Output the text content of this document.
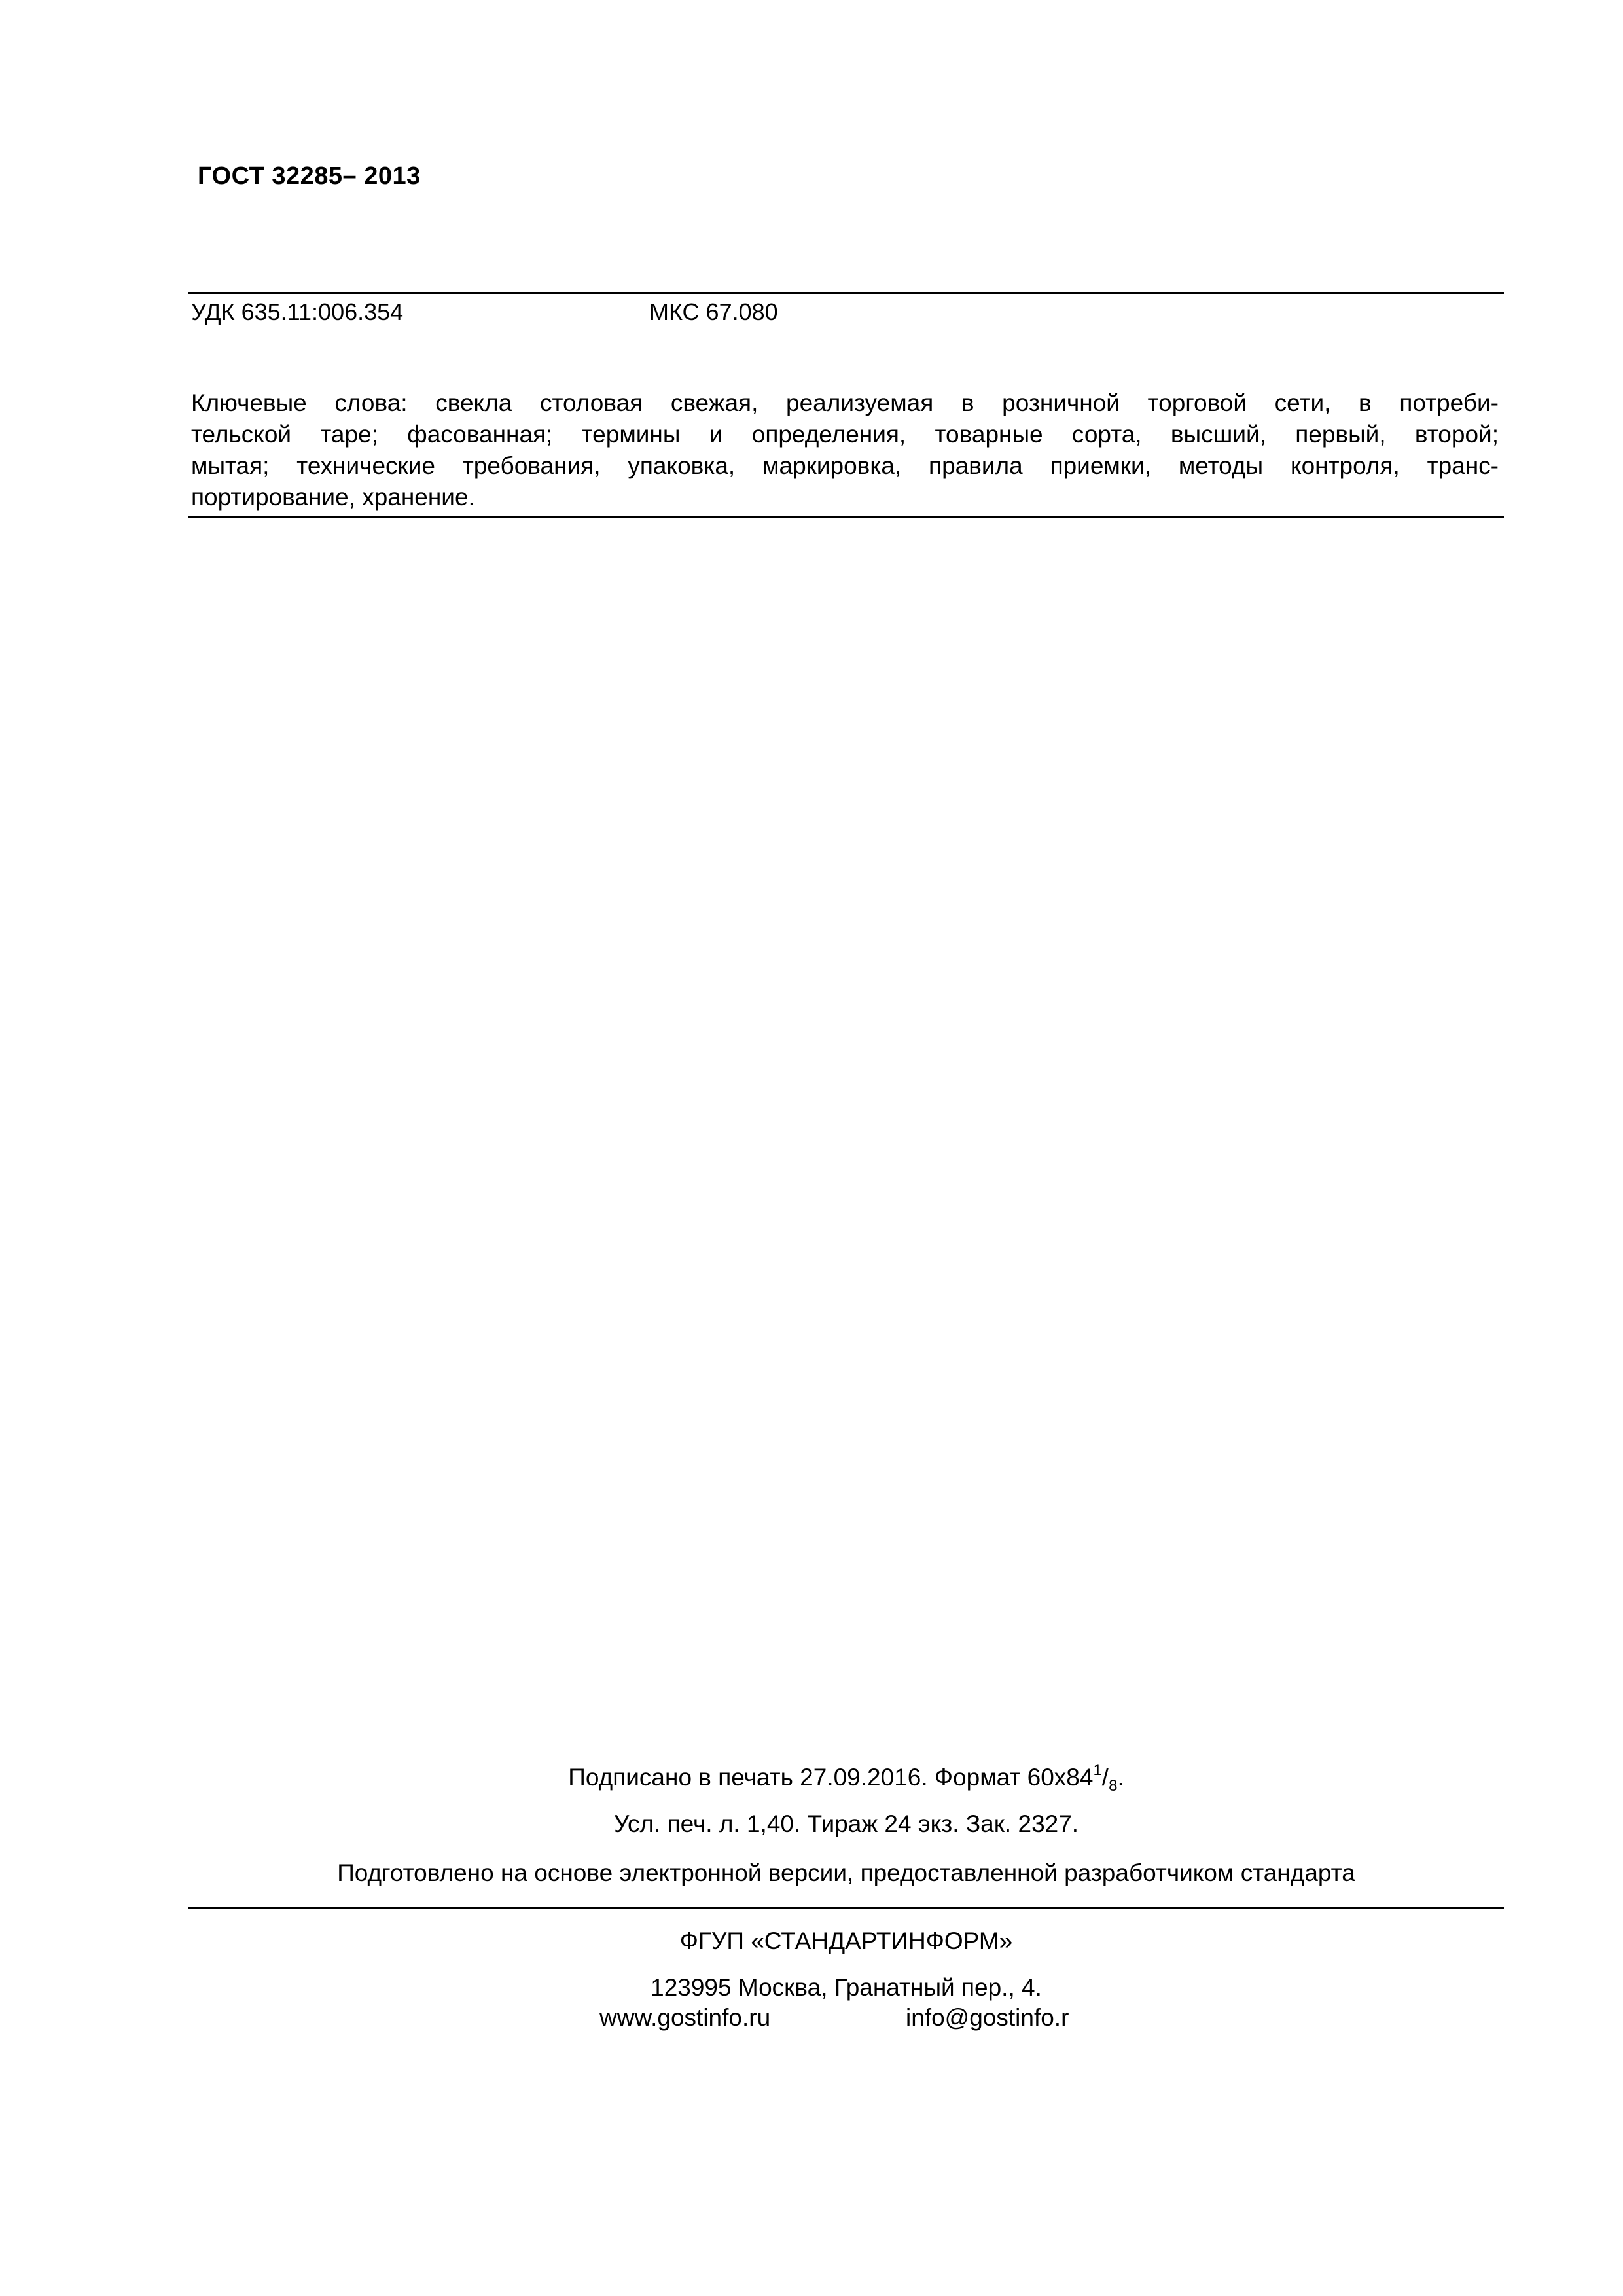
ГОСТ 32285– 2013
УДК 635.11:006.354	МКС 67.080
Ключевые слова: свекла столовая свежая, реализуемая в розничной торговой сети, в потреби-
тельской таре; фасованная; термины и определения, товарные сорта, высший, первый, второй;
мытая; технические требования, упаковка, маркировка, правила приемки, методы контроля, транс-
портирование, хранение.
Подписано в печать 27.09.2016. Формат $60x84^1/_8$.
Усл. печ. л. 1,40. Тираж 24 экз. Зак. 2327.
Подготовлено на основе электронной версии, предоставленной разработчиком стандарта
ФГУП «СТАНДАРТИНФОРМ»
123995 Москва, Гранатный пер., 4.
www.gostinfo.ru	info@gostinfo.r
